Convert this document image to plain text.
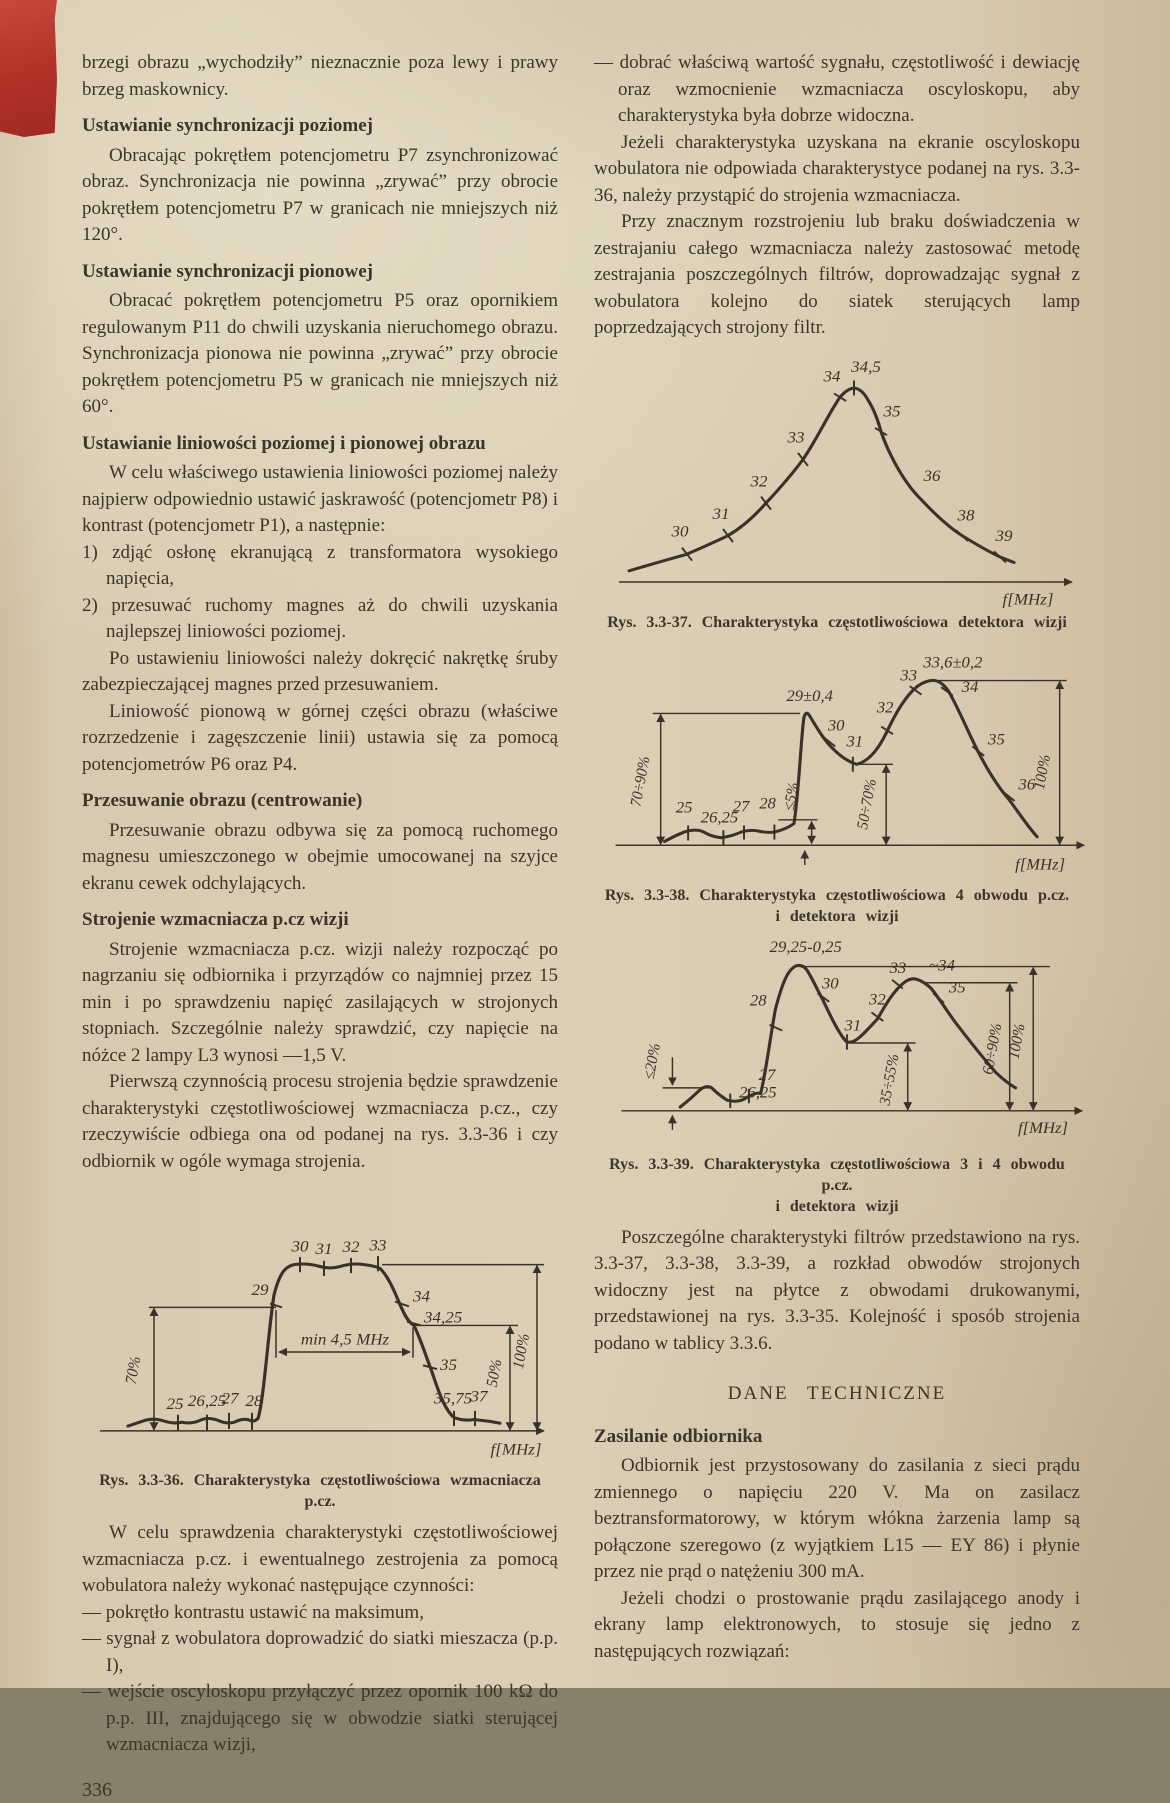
brzegi obrazu „wychodziły” nieznacznie poza lewy i prawy brzeg maskownicy.

Ustawianie synchronizacji poziomej

Obracając pokrętłem potencjometru P7 zsynchronizować obraz. Synchronizacja nie powinna „zrywać” przy obrocie pokrętłem potencjometru P7 w granicach nie mniejszych niż 120°.

Ustawianie synchronizacji pionowej

Obracać pokrętłem potencjometru P5 oraz opornikiem regulowanym P11 do chwili uzyskania nieruchomego obrazu. Synchronizacja pionowa nie powinna „zrywać” przy obrocie pokrętłem potencjometru P5 w granicach nie mniejszych niż 60°.

Ustawianie liniowości poziomej i pionowej obrazu

W celu właściwego ustawienia liniowości poziomej należy najpierw odpowiednio ustawić jaskrawość (potencjometr P8) i kontrast (potencjometr P1), a następnie:

1) zdjąć osłonę ekranującą z transformatora wysokiego napięcia,
2) przesuwać ruchomy magnes aż do chwili uzyskania najlepszej liniowości poziomej.

Po ustawieniu liniowości należy dokręcić nakrętkę śruby zabezpieczającej magnes przed przesuwaniem.

Liniowość pionową w górnej części obrazu (właściwe rozrzedzenie i zagęszczenie linii) ustawia się za pomocą potencjometrów P6 oraz P4.

Przesuwanie obrazu (centrowanie)

Przesuwanie obrazu odbywa się za pomocą ruchomego magnesu umieszczonego w obejmie umocowanej na szyjce ekranu cewek odchylających.

Strojenie wzmacniacza p.cz wizji

Strojenie wzmacniacza p.cz. wizji należy rozpocząć po nagrzaniu się odbiornika i przyrządów co najmniej przez 15 min i po sprawdzeniu napięć zasilających w strojonych stopniach. Szczególnie należy sprawdzić, czy napięcie na nóżce 2 lampy L3 wynosi —1,5 V.

Pierwszą czynnością procesu strojenia będzie sprawdzenie charakterystyki częstotliwościowej wzmacniacza p.cz., czy rzeczywiście odbiega ona od podanej na rys. 3.3-36 i czy odbiornik w ogóle wymaga strojenia.

25 26,25
27 28
29
30 31 32 33
34
34,25
35
35,75
37
70%
min 4,5 MHz
50%
100%
f[MHz]
Rys. 3.3-36. Charakterystyka częstotliwościowa wzmacniacza p.cz.

W celu sprawdzenia charakterystyki częstotliwościowej wzmacniacza p.cz. i ewentualnego zestrojenia za pomocą wobulatora należy wykonać następujące czynności:

— pokrętło kontrastu ustawić na maksimum,
— sygnał z wobulatora doprowadzić do siatki mieszacza (p.p. I),
— wejście oscyloskopu przyłączyć przez opornik 100 kΩ do p.p. III, znajdującego się w obwodzie siatki sterującej wzmacniacza wizji,
336
— dobrać właściwą wartość sygnału, częstotliwość i dewiację oraz wzmocnienie wzmacniacza oscyloskopu, aby charakterystyka była dobrze widoczna.

Jeżeli charakterystyka uzyskana na ekranie oscyloskopu wobulatora nie odpowiada charakterystyce podanej na rys. 3.3-36, należy przystąpić do strojenia wzmacniacza.

Przy znacznym rozstrojeniu lub braku doświadczenia w zestrajaniu całego wzmacniacza należy zastosować metodę zestrajania poszczególnych filtrów, doprowadzając sygnał z wobulatora kolejno do siatek sterujących lamp poprzedzających strojony filtr.

30
31
32
33
34
34,5
35
36
38
39
f[MHz]
Rys. 3.3-37. Charakterystyka częstotliwościowa detektora wizji
25
26,25
27 28
29±0,4
30
31
32
33
33,6±0,2
34
35
36
70÷90%	≤5%	50÷70%
100%
f[MHz]
Rys. 3.3-38. Charakterystyka częstotliwościowa 4 obwodu p.cz.
i detektora wizji
26,25
27
28
29,25-0,25
30
31
32
33 ~34
35
≤20%	35÷55%
60÷90% 100%
f[MHz]
Rys. 3.3-39. Charakterystyka częstotliwościowa 3 i 4 obwodu p.cz.
i detektora wizji

Poszczególne charakterystyki filtrów przedstawiono na rys. 3.3-37, 3.3-38, 3.3-39, a rozkład obwodów strojonych widoczny jest na płytce z obwodami drukowanymi, przedstawionej na rys. 3.3-35. Kolejność i sposób strojenia podano w tablicy 3.3.6.

DANE TECHNICZNE
Zasilanie odbiornika

Odbiornik jest przystosowany do zasilania z sieci prądu zmiennego o napięciu 220 V. Ma on zasilacz beztransformatorowy, w którym włókna żarzenia lamp są połączone szeregowo (z wyjątkiem L15 — EY 86) i płynie przez nie prąd o natężeniu 300 mA.

Jeżeli chodzi o prostowanie prądu zasilającego anody i ekrany lamp elektronowych, to stosuje się jedno z następujących rozwiązań:
